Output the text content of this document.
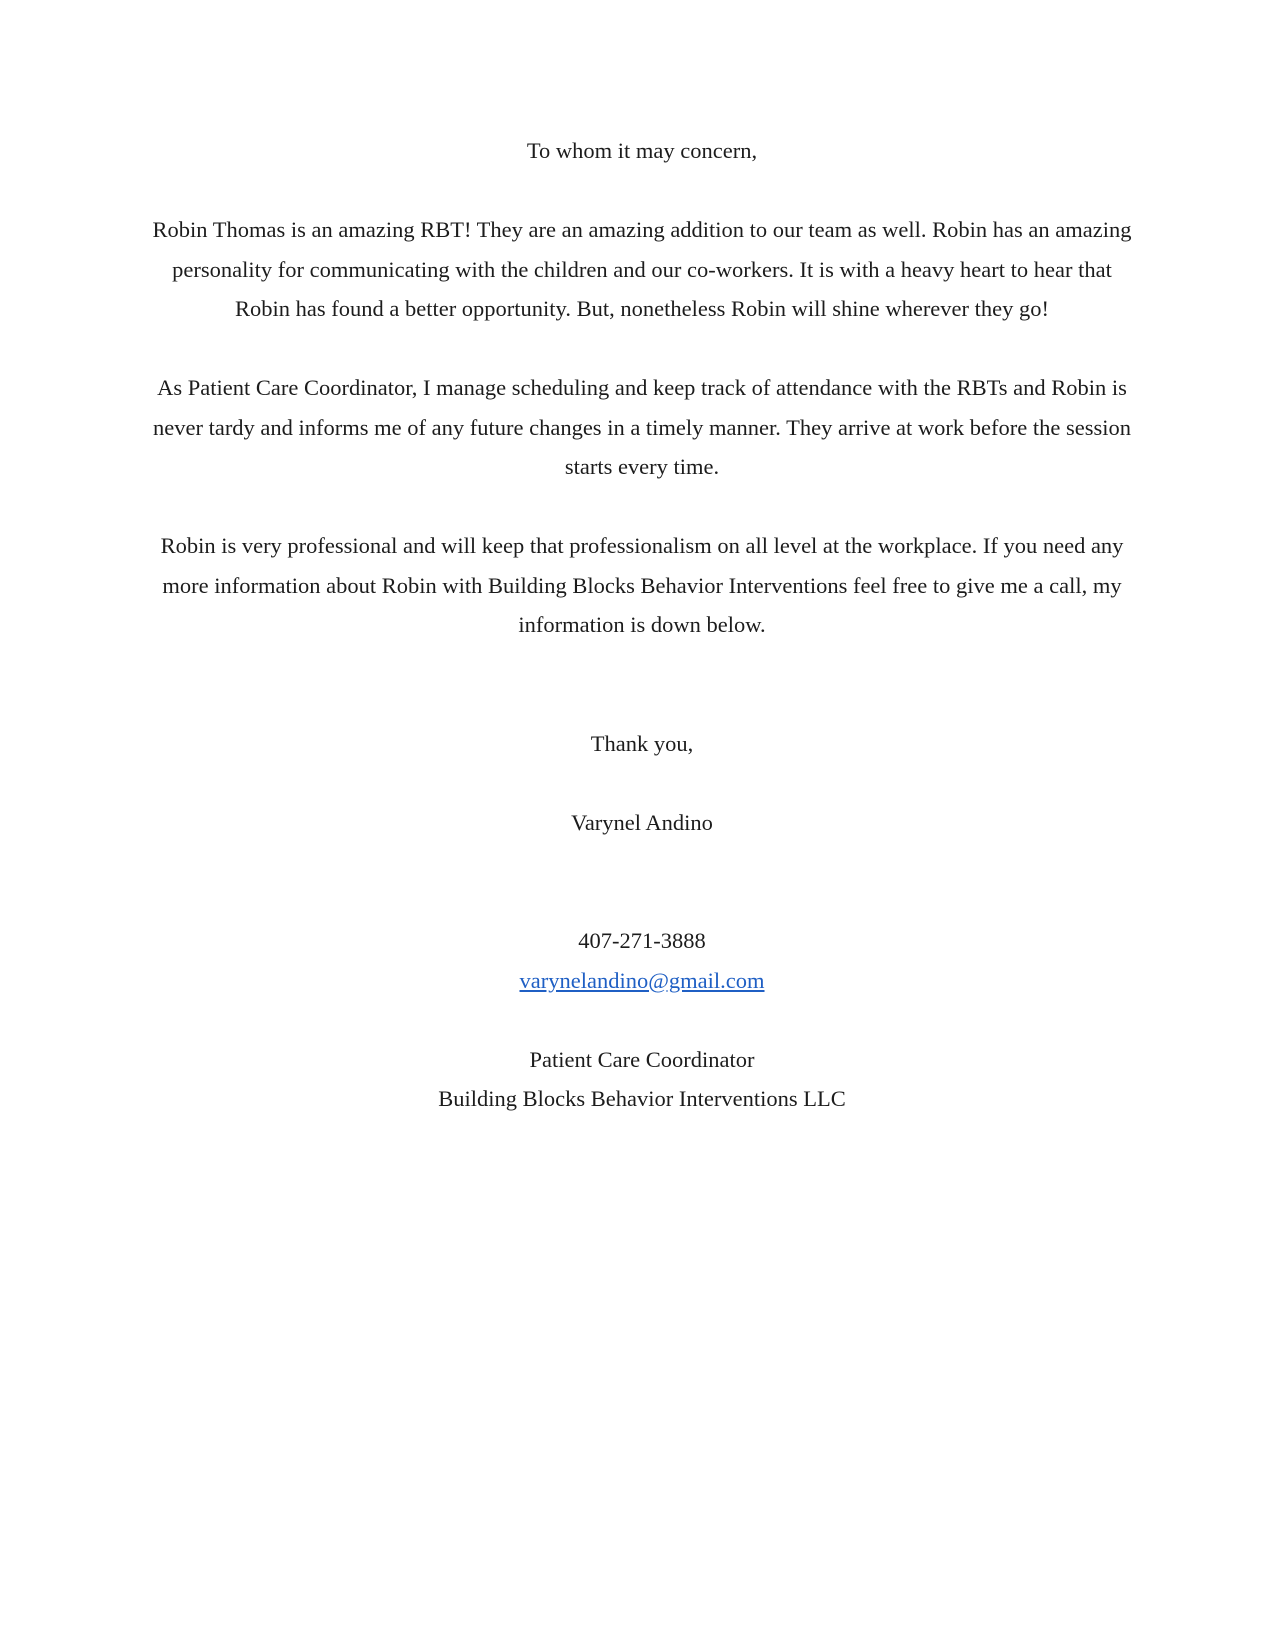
To whom it may concern,

Robin Thomas is an amazing RBT! They are an amazing addition to our team as well. Robin has an amazing personality for communicating with the children and our co-workers. It is with a heavy heart to hear that Robin has found a better opportunity. But, nonetheless Robin will shine wherever they go!

As Patient Care Coordinator, I manage scheduling and keep track of attendance with the RBTs and Robin is never tardy and informs me of any future changes in a timely manner. They arrive at work before the session starts every time.

Robin is very professional and will keep that professionalism on all level at the workplace. If you need any more information about Robin with Building Blocks Behavior Interventions feel free to give me a call, my information is down below.

Thank you,

Varynel Andino

407-271-3888

varynelandino@gmail.com

Patient Care Coordinator

Building Blocks Behavior Interventions LLC
